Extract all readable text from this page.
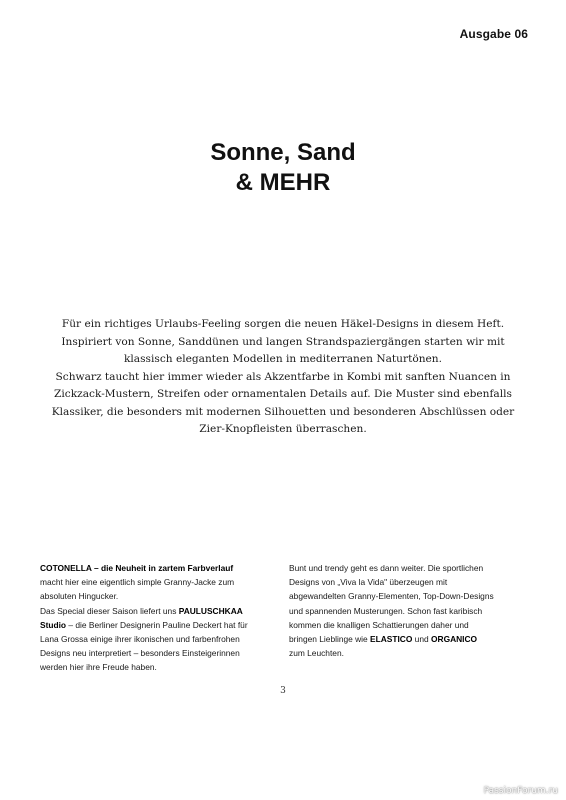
Ausgabe 06
Sonne, Sand
& MEHR
Für ein richtiges Urlaubs-Feeling sorgen die neuen Häkel-Designs in diesem Heft.
Inspiriert von Sonne, Sanddünen und langen Strandspaziergängen starten wir mit
klassisch eleganten Modellen in mediterranen Naturtönen.
Schwarz taucht hier immer wieder als Akzentfarbe in Kombi mit sanften Nuancen in
Zickzack-Mustern, Streifen oder ornamentalen Details auf. Die Muster sind ebenfalls
Klassiker, die besonders mit modernen Silhouetten und besonderen Abschlüssen oder
Zier-Knopfleisten überraschen.
COTONELLA – die Neuheit in zartem Farbverlauf
macht hier eine eigentlich simple Granny-Jacke zum
absoluten Hingucker.
Das Special dieser Saison liefert uns PAULUSCHKAA
Studio – die Berliner Designerin Pauline Deckert hat für
Lana Grossa einige ihrer ikonischen und farbenfrohen
Designs neu interpretiert – besonders Einsteigerinnen
werden hier ihre Freude haben.
Bunt und trendy geht es dann weiter. Die sportlichen
Designs von „Viva la Vida" überzeugen mit
abgewandelten Granny-Elementen, Top-Down-Designs
und spannenden Musterungen. Schon fast karibisch
kommen die knalligen Schattierungen daher und
bringen Lieblinge wie ELASTICO und ORGANICO
zum Leuchten.
3
PassionForum.ru
